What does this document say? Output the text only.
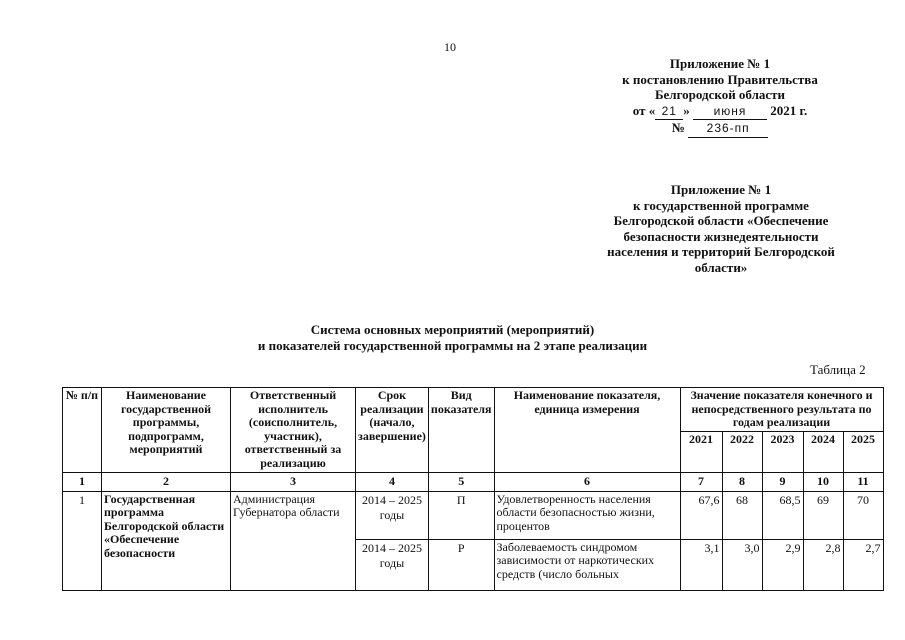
10
Приложение № 1
к постановлению Правительства
Белгородской области
от « 21 » июня 2021 г.
№ 236-пп
Приложение № 1
к государственной программе
Белгородской области «Обеспечение
безопасности жизнедеятельности
населения и территорий Белгородской
области»
Система основных мероприятий (мероприятий)
и показателей государственной программы на 2 этапе реализации
Таблица 2
№ п/п	Наименование государственной программы, подпрограмм, мероприятий	Ответственный исполнитель (соисполнитель, участник), ответственный за реализацию	Срок реализации (начало, завершение)	Вид показателя	Наименование показателя, единица измерения	Значение показателя конечного и непосредственного результата по годам реализации				
						2021	2022	2023	2024	2025
1	2	3	4	5	6	7	8	9	10	11
1	Государственная программа Белгородской области «Обеспечение безопасности	Администрация Губернатора области	2014 – 2025 годы	П	Удовлетворенность населения области безопасностью жизни, процентов	67,6	68	68,5	69	70
			2014 – 2025 годы	Р	Заболеваемость синдромом зависимости от наркотических средств (число больных	3,1	3,0	2,9	2,8	2,7
